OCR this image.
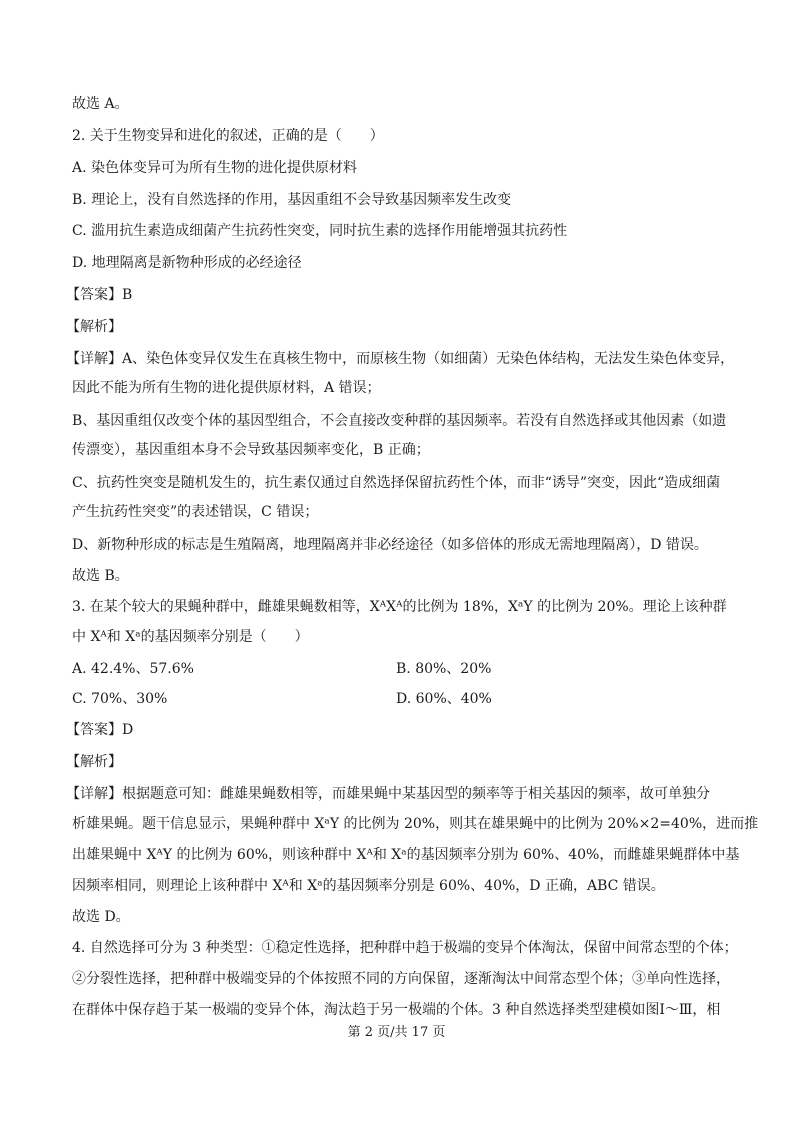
故选 A。
2. 关于生物变异和进化的叙述，正确的是（　　）
A. 染色体变异可为所有生物的进化提供原材料
B. 理论上，没有自然选择的作用，基因重组不会导致基因频率发生改变
C. 滥用抗生素造成细菌产生抗药性突变，同时抗生素的选择作用能增强其抗药性
D. 地理隔离是新物种形成的必经途径
【答案】B
【解析】
【详解】A、染色体变异仅发生在真核生物中，而原核生物（如细菌）无染色体结构，无法发生染色体变异，
因此不能为所有生物的进化提供原材料，A 错误；
B、基因重组仅改变个体的基因型组合，不会直接改变种群的基因频率。若没有自然选择或其他因素（如遗
传漂变），基因重组本身不会导致基因频率变化，B 正确；
C、抗药性突变是随机发生的，抗生素仅通过自然选择保留抗药性个体，而非“诱导”突变，因此“造成细菌
产生抗药性突变”的表述错误，C 错误；
D、新物种形成的标志是生殖隔离，地理隔离并非必经途径（如多倍体的形成无需地理隔离），D 错误。
故选 B。
3. 在某个较大的果蝇种群中，雌雄果蝇数相等，XᴬXᴬ的比例为 18%，XᵃY 的比例为 20%。理论上该种群
中 Xᴬ和 Xᵃ的基因频率分别是（　　）
A. 42.4%、57.6%	B. 80%、20%
C. 70%、30%	D. 60%、40%
【答案】D
【解析】
【详解】根据题意可知：雌雄果蝇数相等，而雄果蝇中某基因型的频率等于相关基因的频率，故可单独分
析雄果蝇。题干信息显示，果蝇种群中 XᵃY 的比例为 20%，则其在雄果蝇中的比例为 20%×2=40%，进而推
出雄果蝇中 XᴬY 的比例为 60%，则该种群中 Xᴬ和 Xᵃ的基因频率分别为 60%、40%，而雌雄果蝇群体中基
因频率相同，则理论上该种群中 Xᴬ和 Xᵃ的基因频率分别是 60%、40%，D 正确，ABC 错误。
故选 D。
4. 自然选择可分为 3 种类型：①稳定性选择，把种群中趋于极端的变异个体淘汰，保留中间常态型的个体；
②分裂性选择，把种群中极端变异的个体按照不同的方向保留，逐渐淘汰中间常态型个体；③单向性选择，
在群体中保存趋于某一极端的变异个体，淘汰趋于另一极端的个体。3 种自然选择类型建模如图Ⅰ～Ⅲ，相
第 2 页/共 17 页
